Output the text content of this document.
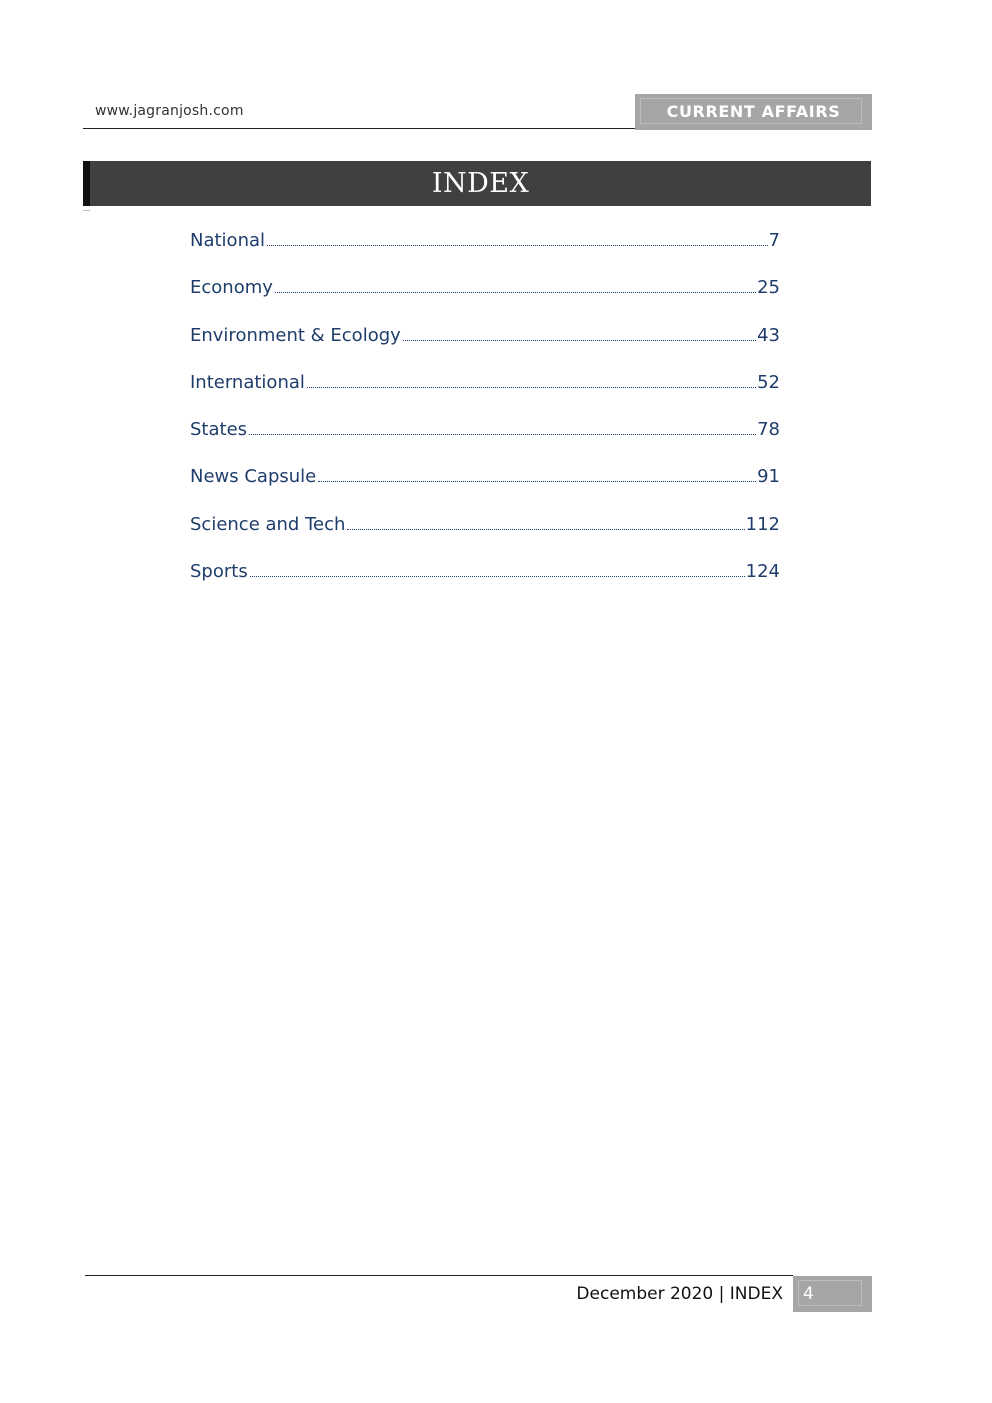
www.jagranjosh.com	CURRENT AFFAIRS
INDEX
National	7
Economy	25
Environment & Ecology	43
International	52
States	78
News Capsule	91
Science and Tech	112
Sports	124
December 2020 | INDEX 4
